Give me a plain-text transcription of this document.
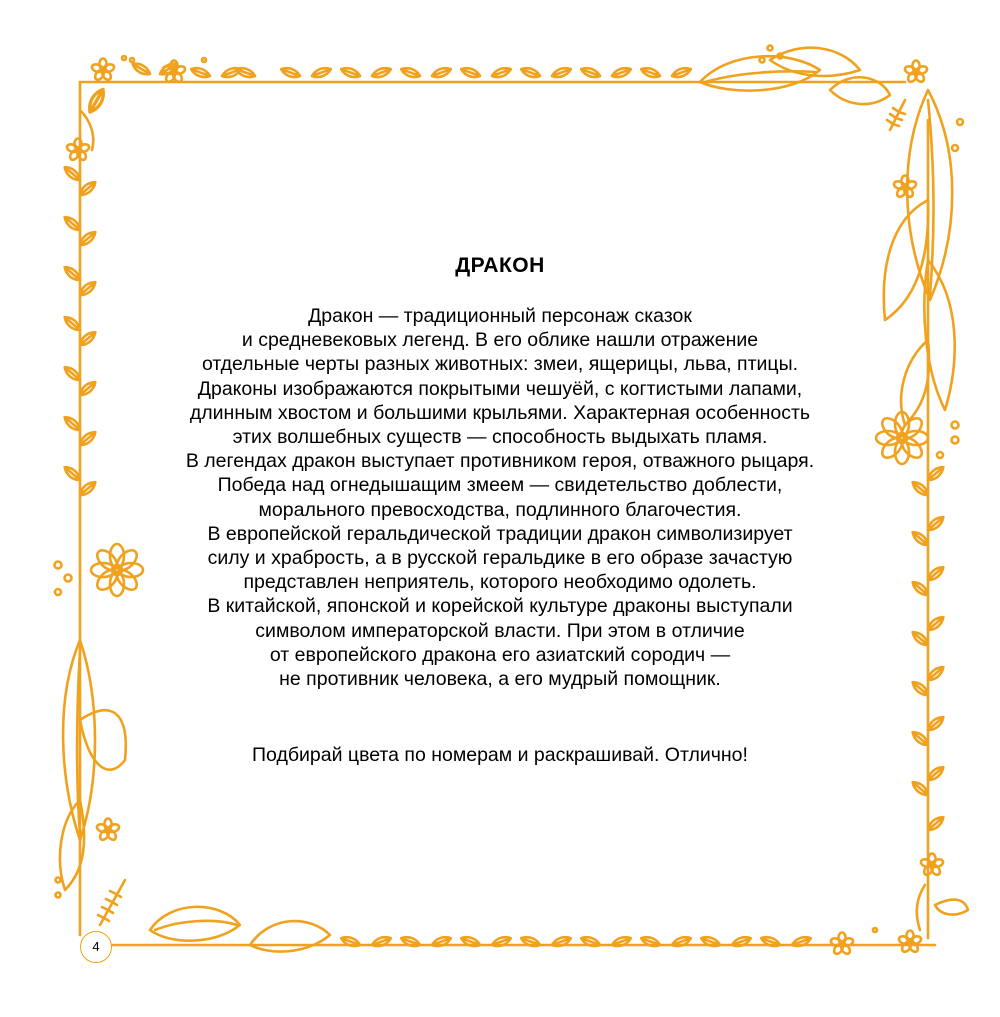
ДРАКОН
Дракон — традиционный персонаж сказок
и средневековых легенд. В его облике нашли отражение
отдельные черты разных животных: змеи, ящерицы, льва, птицы.
Драконы изображаются покрытыми чешуёй, с когтистыми лапами,
длинным хвостом и большими крыльями. Характерная особенность
этих волшебных существ — способность выдыхать пламя.
В легендах дракон выступает противником героя, отважного рыцаря.
Победа над огнедышащим змеем — свидетельство доблести,
морального превосходства, подлинного благочестия.
В европейской геральдической традиции дракон символизирует
силу и храбрость, а в русской геральдике в его образе зачастую
представлен неприятель, которого необходимо одолеть.
В китайской, японской и корейской культуре драконы выступали
символом императорской власти. При этом в отличие
от европейского дракона его азиатский сородич —
не противник человека, а его мудрый помощник.
Подбирай цвета по номерам и раскрашивай. Отлично!
4
